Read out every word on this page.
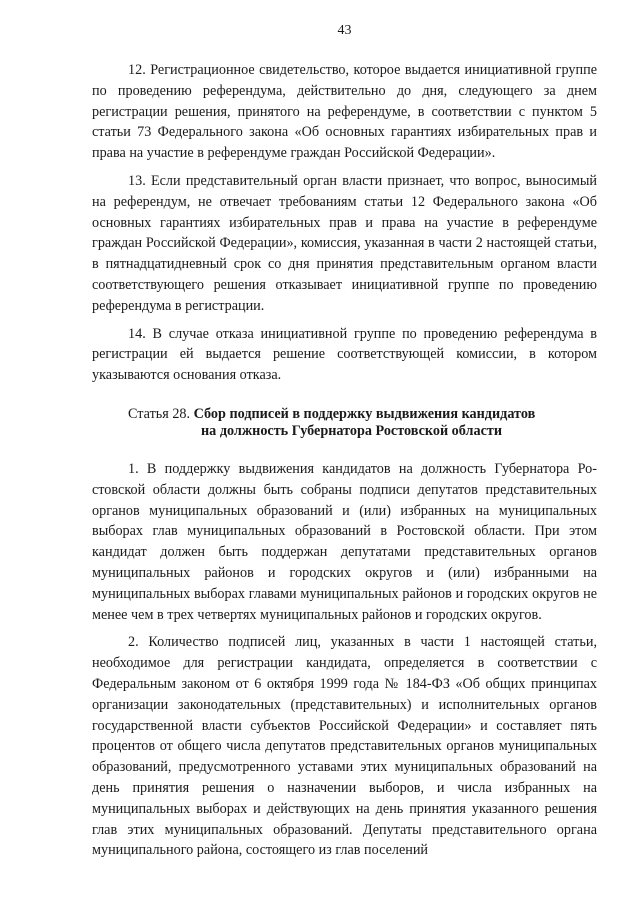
43

12. Регистрационное свидетельство, которое выдается инициативной группе по проведению референдума, действительно до дня, следующего за днем регистрации решения, принятого на референдуме, в соответствии с пунктом 5 статьи 73 Федерального закона «Об основных гарантиях избирательных прав и права на участие в референдуме граждан Российской Федерации».

13. Если представительный орган власти признает, что вопрос, выносимый на референдум, не отвечает требованиям статьи 12 Федерального закона «Об основных гарантиях избирательных прав и права на участие в референдуме граждан Российской Федерации», комиссия, указанная в части 2 настоящей статьи, в пятнадцатидневный срок со дня принятия представительным органом власти соответствующего решения отказывает инициативной группе по проведению референдума в регистрации.

14. В случае отказа инициативной группе по проведению референдума в регистрации ей выдается решение соответствующей комиссии, в котором указываются основания отказа.

Статья 28. Сбор подписей в поддержку выдвижения кандидатов
на должность Губернатора Ростовской области

1. В поддержку выдвижения кандидатов на должность Губернатора Ростовской области должны быть собраны подписи депутатов представительных органов муниципальных образований и (или) избранных на муниципальных выборах глав муниципальных образований в Ростовской области. При этом кандидат должен быть поддержан депутатами представительных органов муниципальных районов и городских округов и (или) избранными на муниципальных выборах главами муниципальных районов и городских округов не менее чем в трех четвертях муниципальных районов и городских округов.

2. Количество подписей лиц, указанных в части 1 настоящей статьи, необходимое для регистрации кандидата, определяется в соответствии с Федеральным законом от 6 октября 1999 года № 184-ФЗ «Об общих принципах организации законодательных (представительных) и исполнительных органов государственной власти субъектов Российской Федерации» и составляет пять процентов от общего числа депутатов представительных органов муниципальных образований, предусмотренного уставами этих муниципальных образований на день принятия решения о назначении выборов, и числа избранных на муниципальных выборах и действующих на день принятия указанного решения глав этих муниципальных образований. Депутаты представительного органа муниципального района, состоящего из глав поселений
